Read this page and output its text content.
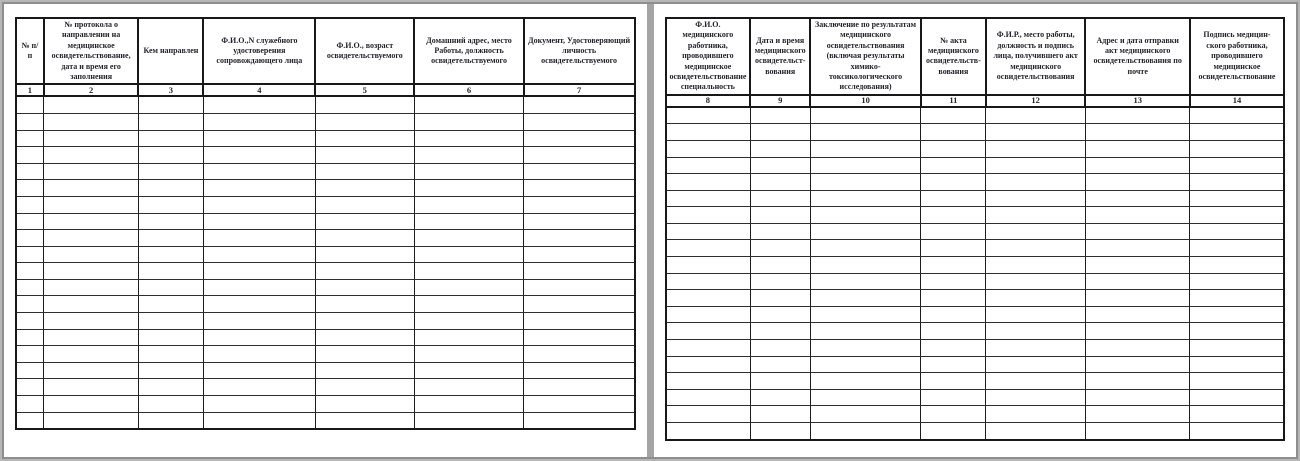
№ п/п	№ протокола о направлении на медицинское освидетельствование, дата и время его заполнения	Кем направлен	Ф.И.О.,N служебного удостоверения сопровождающего лица	Ф.И.О., возраст освидетельствуемого	Домашний адрес, место Работы, должность освидетельствуемого	Документ, Удостоверяющий личность освидетельствуемого
1	2	3	4	5	6	7

Ф.И.О. медицинского работника, проводившего медицинское освидетельствование специальность	Дата и время медицинского освидетельст-вования	Заключение по результатам медицинского освидетельствования (включая результаты химико-токсикологического исследования)	№ акта медицинского освидетельств-вования	Ф.И.Р., место работы, должность и подпись лица, получившего акт медицинского освидетельствования	Адрес и дата отправки акт медицинского освидетельствования по почте	Подпись медицин-ского работника, проводившего медицинское освидетельствование
8	9	10	11	12	13	14
